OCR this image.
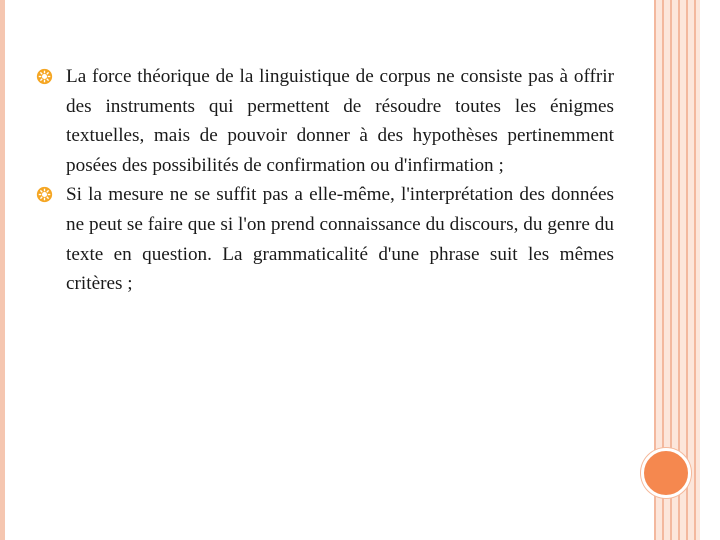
La force théorique de la linguistique de corpus ne consiste pas à offrir des instruments qui permettent de résoudre toutes les énigmes textuelles, mais de pouvoir donner à des hypothèses pertinemment posées des possibilités de confirmation ou d'infirmation ;

Si la mesure ne se suffit pas a elle-même, l'interprétation des données ne peut se faire que si l'on prend connaissance du discours, du genre du texte en question. La grammaticalité d'une phrase suit les mêmes critères ;
